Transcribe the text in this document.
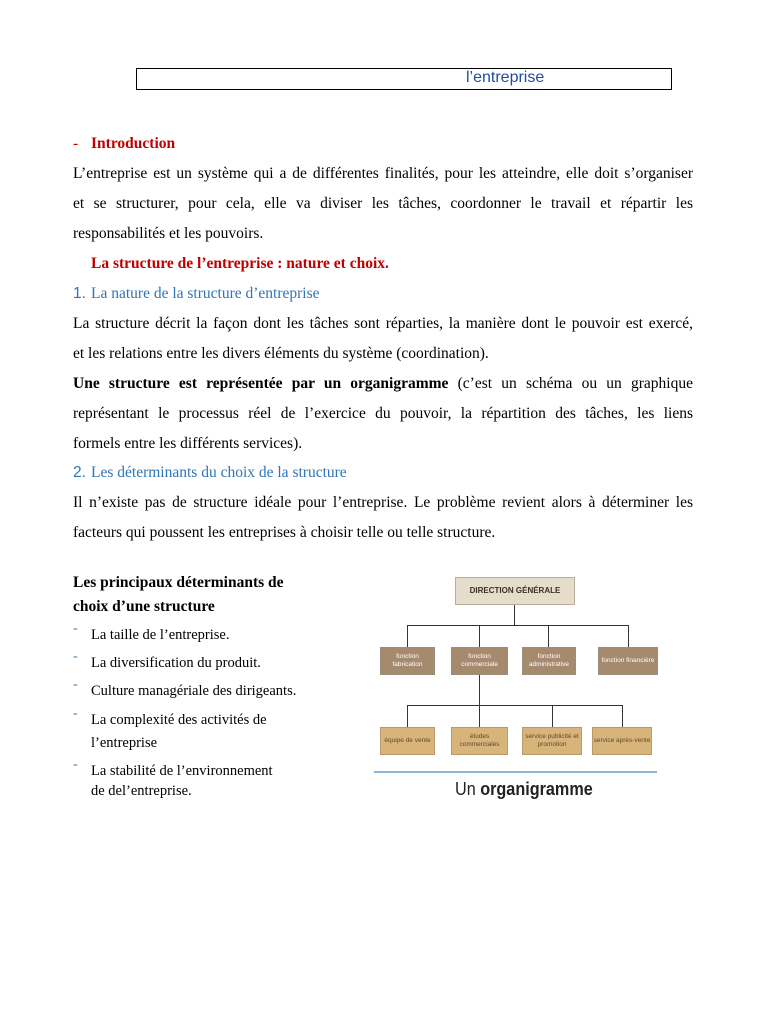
l’entreprise
- Introduction
L’entreprise est un système qui a de différentes finalités, pour les atteindre, elle doit s’organiser
et se structurer, pour cela, elle va diviser les tâches, coordonner le travail et répartir les
responsabilités et les pouvoirs.
La structure de l’entreprise : nature et choix.
1. La nature de la structure d’entreprise
La structure décrit la façon dont les tâches sont réparties, la manière dont le pouvoir est exercé,
et les relations entre les divers éléments du système (coordination).
Une structure est représentée par un organigramme (c’est un schéma ou un graphique
représentant le processus réel de l’exercice du pouvoir, la répartition des tâches, les liens
formels entre les différents services).
2. Les déterminants du choix de la structure
Il n’existe pas de structure idéale pour l’entreprise. Le problème revient alors à déterminer les
facteurs qui poussent les entreprises à choisir telle ou telle structure.
Les principaux déterminants de
choix d’une structure
- La taille de l’entreprise.
- La diversification du produit.
- Culture managériale des dirigeants.
- La complexité des activités de
l’entreprise
- La stabilité de l’environnement
de del’entreprise.
DIRECTION GÉNÉRALE
fonction fabrication
fonction commerciale
fonction administrative
fonction financière
équipe de vente
études commerciales
service publicité et promotion
service après-vente
Un organigramme
